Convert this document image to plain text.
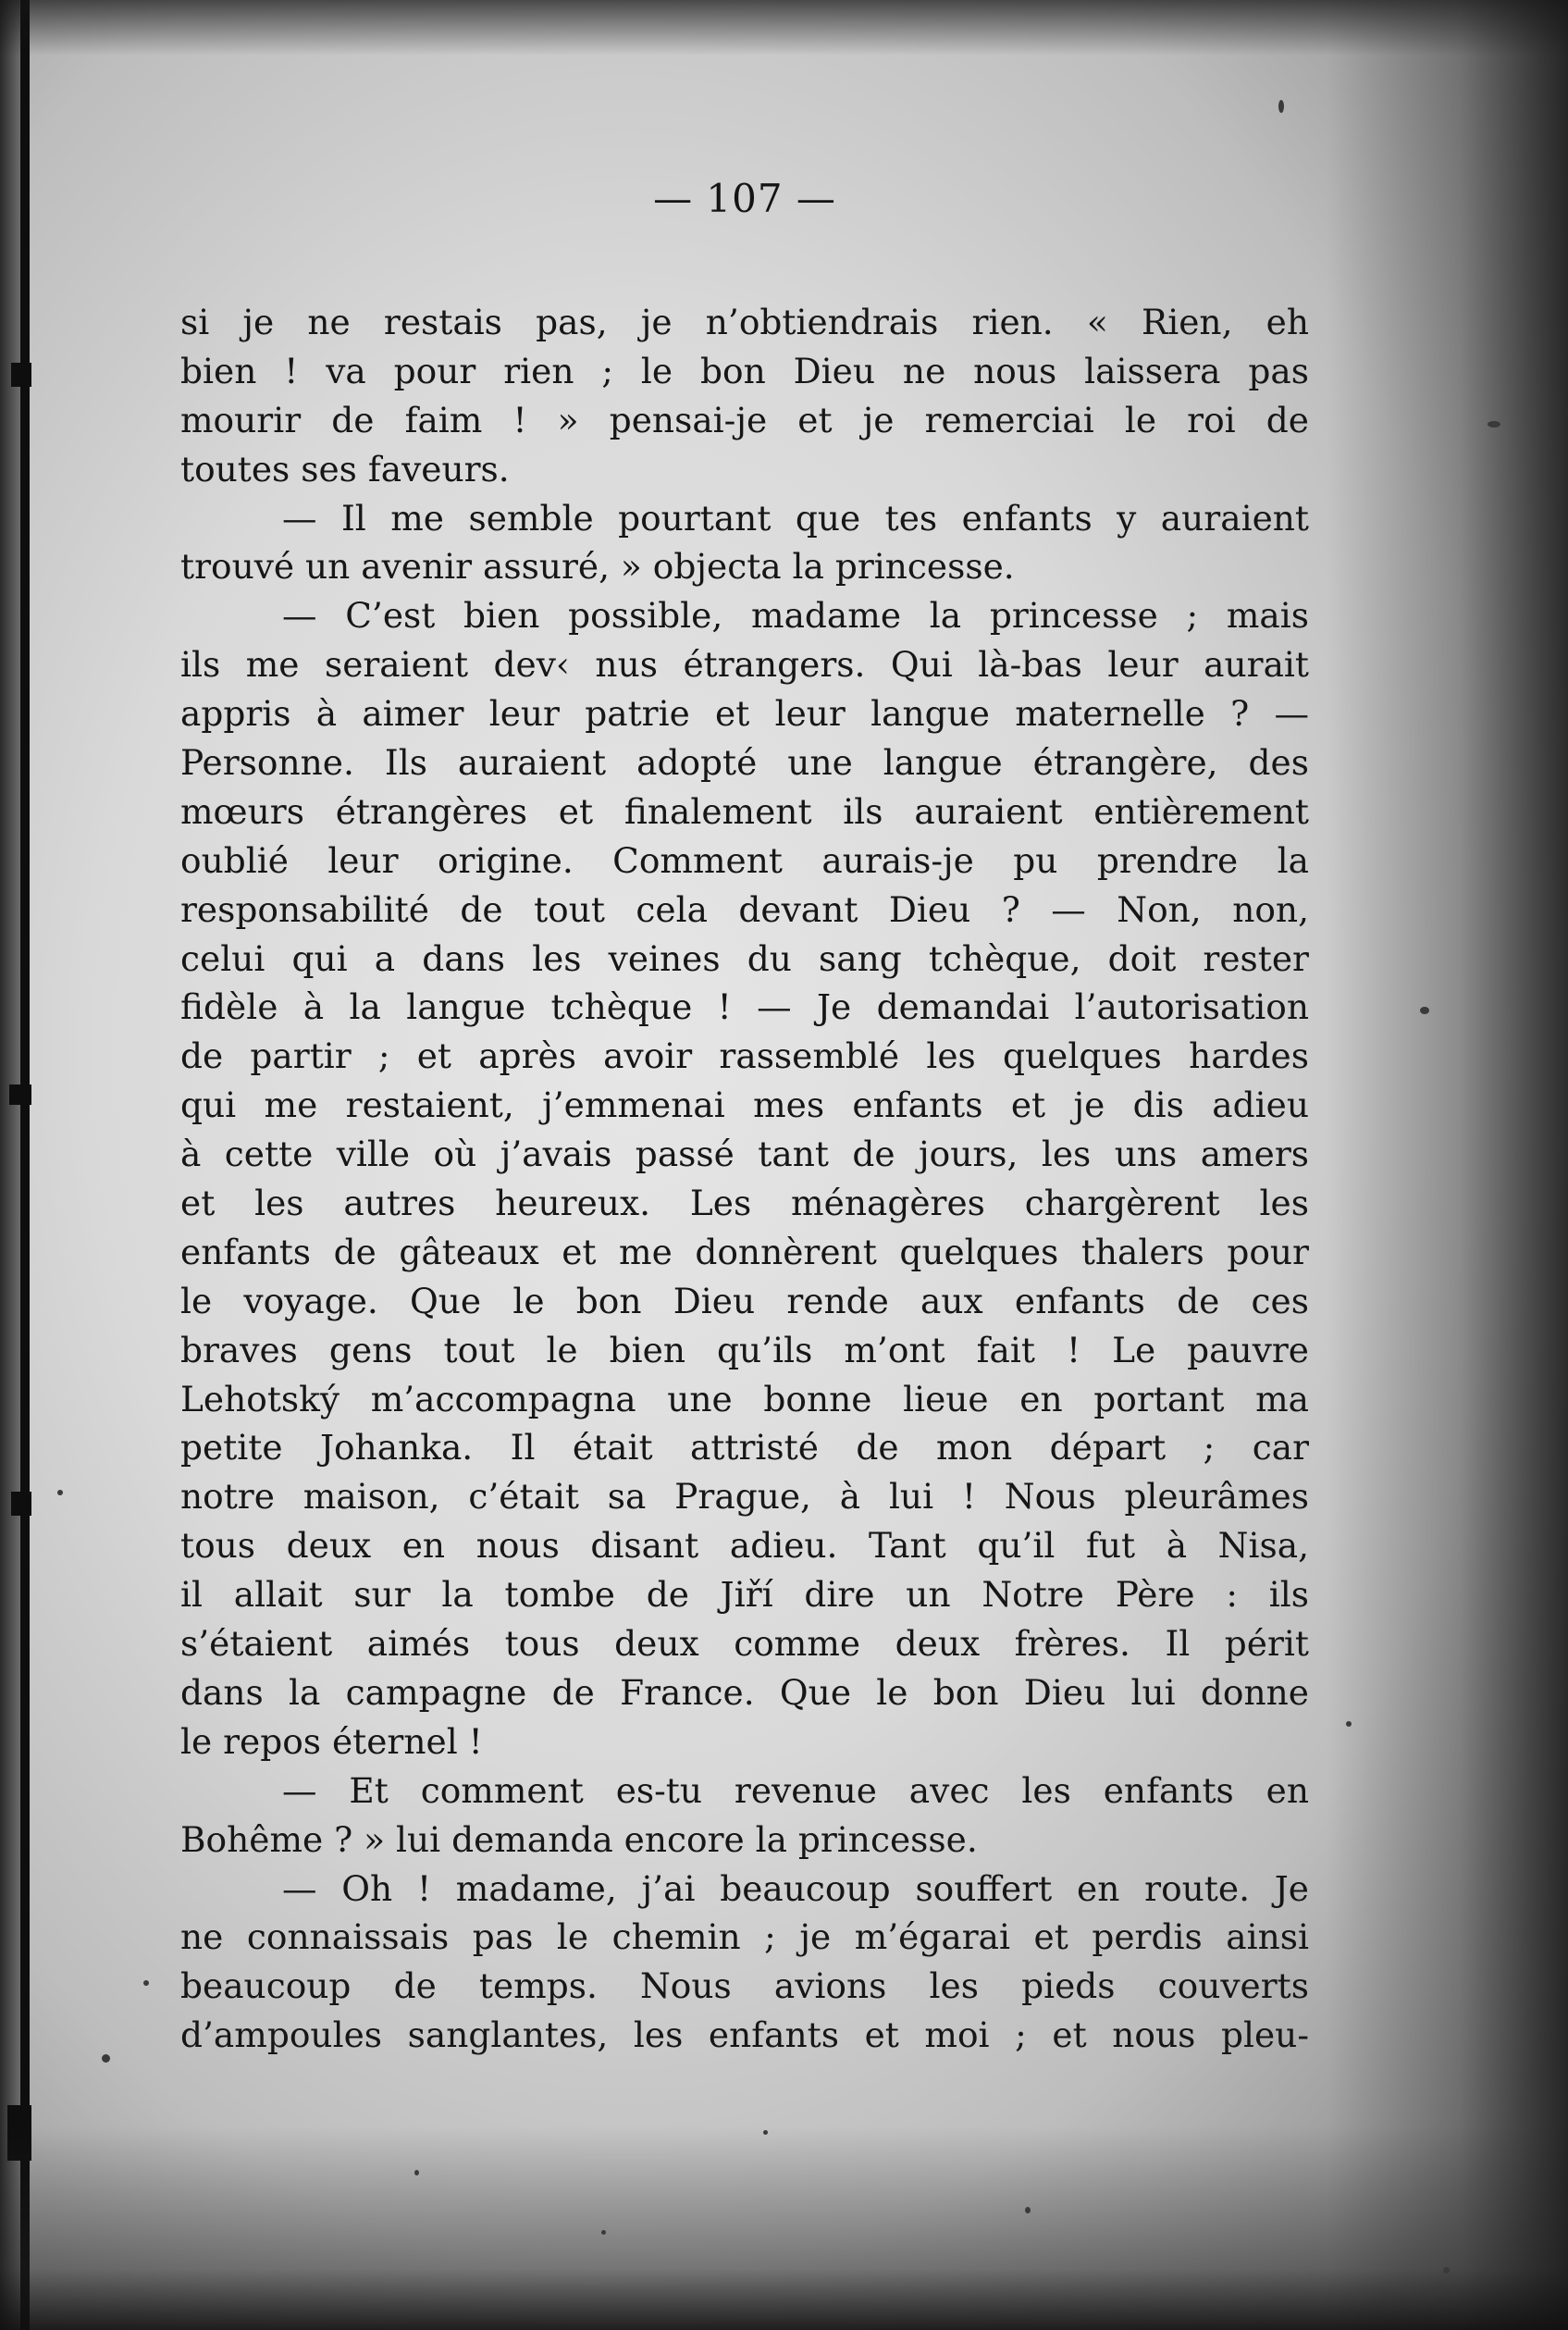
— 107 —
si je ne restais pas, je n’obtiendrais rien. « Rien, eh
bien ! va pour rien ; le bon Dieu ne nous laissera pas
mourir de faim ! » pensai-je et je remerciai le roi de
toutes ses faveurs.
— Il me semble pourtant que tes enfants y auraient
trouvé un avenir assuré, » objecta la princesse.
— C’est bien possible, madame la princesse ; mais
ils me seraient dev‹ nus étrangers. Qui là-bas leur aurait
appris à aimer leur patrie et leur langue maternelle ? —
Personne. Ils auraient adopté une langue étrangère, des
mœurs étrangères et finalement ils auraient entièrement
oublié leur origine. Comment aurais-je pu prendre la
responsabilité de tout cela devant Dieu ? — Non, non,
celui qui a dans les veines du sang tchèque, doit rester
fidèle à la langue tchèque ! — Je demandai l’autorisation
de partir ; et après avoir rassemblé les quelques hardes
qui me restaient, j’emmenai mes enfants et je dis adieu
à cette ville où j’avais passé tant de jours, les uns amers
et les autres heureux. Les ménagères chargèrent les
enfants de gâteaux et me donnèrent quelques thalers pour
le voyage. Que le bon Dieu rende aux enfants de ces
braves gens tout le bien qu’ils m’ont fait ! Le pauvre
Lehotský m’accompagna une bonne lieue en portant ma
petite Johanka. Il était attristé de mon départ ; car
notre maison, c’était sa Prague, à lui ! Nous pleurâmes
tous deux en nous disant adieu. Tant qu’il fut à Nisa,
il allait sur la tombe de Jiří dire un Notre Père : ils
s’étaient aimés tous deux comme deux frères. Il périt
dans la campagne de France. Que le bon Dieu lui donne
le repos éternel !
— Et comment es-tu revenue avec les enfants en
Bohême ? » lui demanda encore la princesse.
— Oh ! madame, j’ai beaucoup souffert en route. Je
ne connaissais pas le chemin ; je m’égarai et perdis ainsi
beaucoup de temps. Nous avions les pieds couverts
d’ampoules sanglantes, les enfants et moi ; et nous pleu-
